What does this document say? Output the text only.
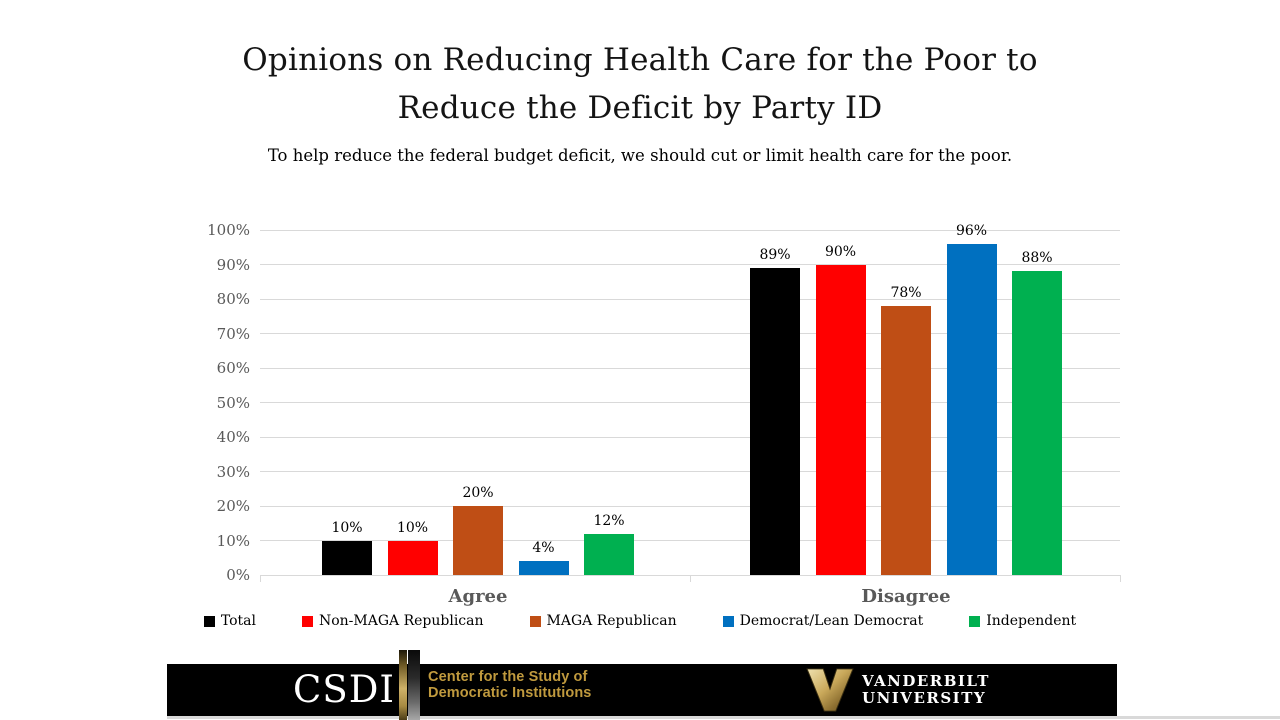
Opinions on Reducing Health Care for the Poor to
Reduce the Deficit by Party ID
To help reduce the federal budget deficit, we should cut or limit health care for the poor.
0%
10%
20%
30%
40%
50%
60%
70%
80%
90%
100%
10%	10%
20%
4%
12%
Agree
89%	90%
78%
96%
88%
Disagree
Total	Non-MAGA Republican	MAGA Republican	Democrat/Lean Democrat	Independent
CSDI Center for the Study of
Democratic Institutions
VANDERBILT
UNIVERSITY
